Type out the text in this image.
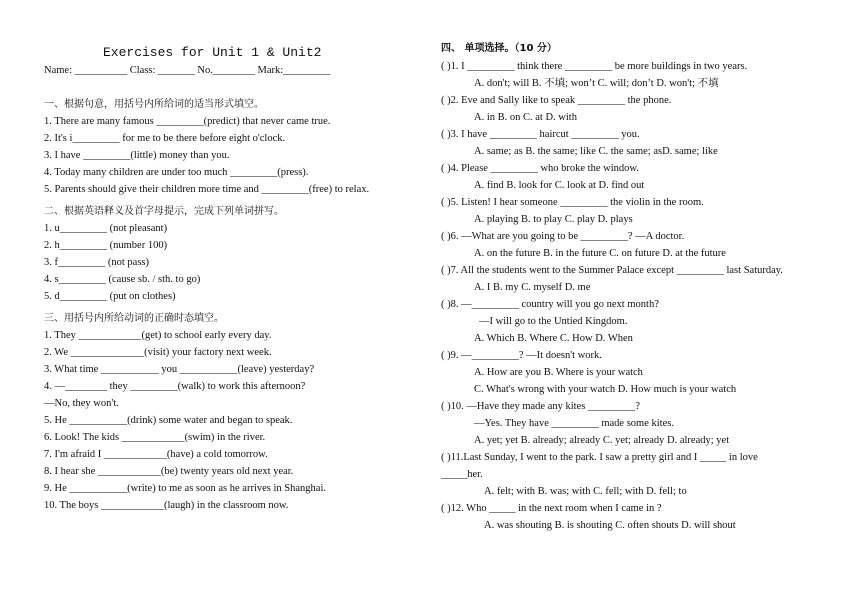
Exercises for Unit 1 & Unit2
Name: __________ Class: _______ No.________ Mark:_________
一、根据句意，用括号内所给词的适当形式填空。
1. There are many famous _________(predict) that never came true.
2. It's i_________ for me to be there before eight o'clock.
3. I have _________(little) money than you.
4. Today many children are under too much _________(press).
5. Parents should give their children more time and _________(free) to relax.
二、根据英语释义及首字母提示，完成下列单词拼写。
1. u_________ (not pleasant)
2. h_________ (number 100)
3. f_________ (not pass)
4. s_________ (cause sb. / sth. to go)
5. d_________ (put on clothes)
三、用括号内所给动词的正确时态填空。
1. They ____________(get) to school early every day.
2. We ______________(visit) your factory next week.
3. What time ___________ you ___________(leave) yesterday?
4. —________ they _________(walk) to work this afternoon?
—No, they won't.
5. He ___________(drink) some water and began to speak.
6. Look! The kids ____________(swim) in the river.
7. I'm afraid I ____________(have) a cold tomorrow.
8. I hear she ____________(be) twenty years old next year.
9. He ___________(write) to me as soon as he arrives in Shanghai.
10. The boys ____________(laugh) in the classroom now.
四、 单项选择。（10 分）
( )1. I _________ think there _________ be more buildings in two years.
A. don't; will B. 不填; won’t C. will; don’t D. won't; 不填
( )2. Eve and Sally like to speak _________ the phone.
A. in B. on C. at D. with
( )3. I have _________ haircut _________ you.
A. same; as B. the same; like C. the same; asD. same; like
( )4. Please _________ who broke the window.
A. find B. look for C. look at D. find out
( )5. Listen! I hear someone _________ the violin in the room.
A. playing B. to play C. play D. plays
( )6. —What are you going to be _________? —A doctor.
A. on the future B. in the future C. on future D. at the future
( )7. All the students went to the Summer Palace except _________ last Saturday.
A. I B. my C. myself D. me
( )8. —_________ country will you go next month?
—I will go to the Untied Kingdom.
A. Which B. Where C. How D. When
( )9. —_________? —It doesn't work.
A. How are you B. Where is your watch
C. What's wrong with your watch D. How much is your watch
( )10. —Have they made any kites _________?
—Yes. They have _________ made some kites.
A. yet; yet B. already; already C. yet; already D. already; yet
( )11.Last Sunday, I went to the park. I saw a pretty girl and I _____ in love
_____her.
A. felt; with B. was; with C. fell; with D. fell; to
( )12. Who _____ in the next room when I came in ?
A. was shouting B. is shouting C. often shouts D. will shout
